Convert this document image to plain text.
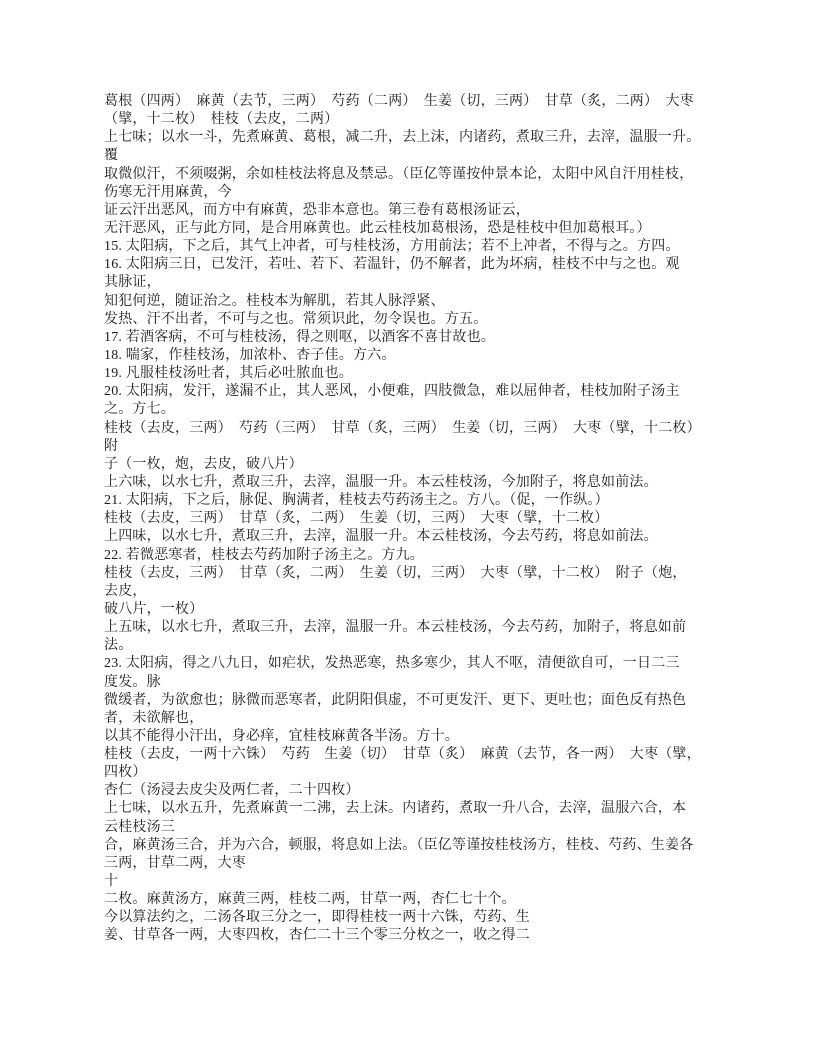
葛根（四两）　麻黄（去节，三两）　芍药（二两）　生姜（切，三两）　甘草（炙，二两）　大枣
（擘，十二枚）　桂枝（去皮，二两）
上七味；以水一斗，先煮麻黄、葛根，减二升，去上沫，内诸药，煮取三升，去滓，温服一升。
覆
取微似汗，不须啜粥，余如桂枝法将息及禁忌。（臣亿等谨按仲景本论，太阳中风自汗用桂枝，
伤寒无汗用麻黄，今
证云汗出恶风，而方中有麻黄，恐非本意也。第三卷有葛根汤证云，
无汗恶风，正与此方同，是合用麻黄也。此云桂枝加葛根汤，恐是桂枝中但加葛根耳。）
15. 太阳病，下之后，其气上冲者，可与桂枝汤，方用前法；若不上冲者，不得与之。方四。
16. 太阳病三日，已发汗，若吐、若下、若温针，仍不解者，此为坏病，桂枝不中与之也。观
其脉证，
知犯何逆，随证治之。桂枝本为解肌，若其人脉浮紧、
发热、汗不出者，不可与之也。常须识此，勿令误也。方五。
17. 若酒客病，不可与桂枝汤，得之则呕，以酒客不喜甘故也。
18. 喘家，作桂枝汤，加浓朴、杏子佳。方六。
19. 凡服桂枝汤吐者，其后必吐脓血也。
20. 太阳病，发汗，遂漏不止，其人恶风，小便难，四肢微急，难以屈伸者，桂枝加附子汤主
之。方七。
桂枝（去皮，三两）　芍药（三两）　甘草（炙，三两）　生姜（切，三两）　大枣（擘，十二枚）
附
子（一枚，炮，去皮，破八片）
上六味，以水七升，煮取三升，去滓，温服一升。本云桂枝汤，今加附子，将息如前法。
21. 太阳病，下之后，脉促、胸满者，桂枝去芍药汤主之。方八。（促，一作纵。）
桂枝（去皮，三两）　甘草（炙，二两）　生姜（切，三两）　大枣（擘，十二枚）
上四味，以水七升，煮取三升，去滓，温服一升。本云桂枝汤，今去芍药，将息如前法。
22. 若微恶寒者，桂枝去芍药加附子汤主之。方九。
桂枝（去皮，三两）　甘草（炙，二两）　生姜（切，三两）　大枣（擘，十二枚）　附子（炮，
去皮，
破八片，一枚）
上五味，以水七升，煮取三升，去滓，温服一升。本云桂枝汤，今去芍药，加附子，将息如前
法。
23. 太阳病，得之八九日，如疟状，发热恶寒，热多寒少，其人不呕，清便欲自可，一日二三
度发。脉
微缓者，为欲愈也；脉微而恶寒者，此阴阳俱虚，不可更发汗、更下、更吐也；面色反有热色
者，未欲解也，
以其不能得小汗出，身必痒，宜桂枝麻黄各半汤。方十。
桂枝（去皮，一两十六铢）　芍药　生姜（切）　甘草（炙）　麻黄（去节，各一两）　大枣（擘，
四枚）
杏仁（汤浸去皮尖及两仁者，二十四枚）
上七味，以水五升，先煮麻黄一二沸，去上沫。内诸药，煮取一升八合，去滓，温服六合，本
云桂枝汤三
合，麻黄汤三合，并为六合，顿服，将息如上法。（臣亿等谨按桂枝汤方，桂枝、芍药、生姜各
三两，甘草二两，大枣
十
二枚。麻黄汤方，麻黄三两，桂枝二两，甘草一两，杏仁七十个。
今以算法约之，二汤各取三分之一，即得桂枝一两十六铢，芍药、生
姜、甘草各一两，大枣四枚，杏仁二十三个零三分枚之一，收之得二
